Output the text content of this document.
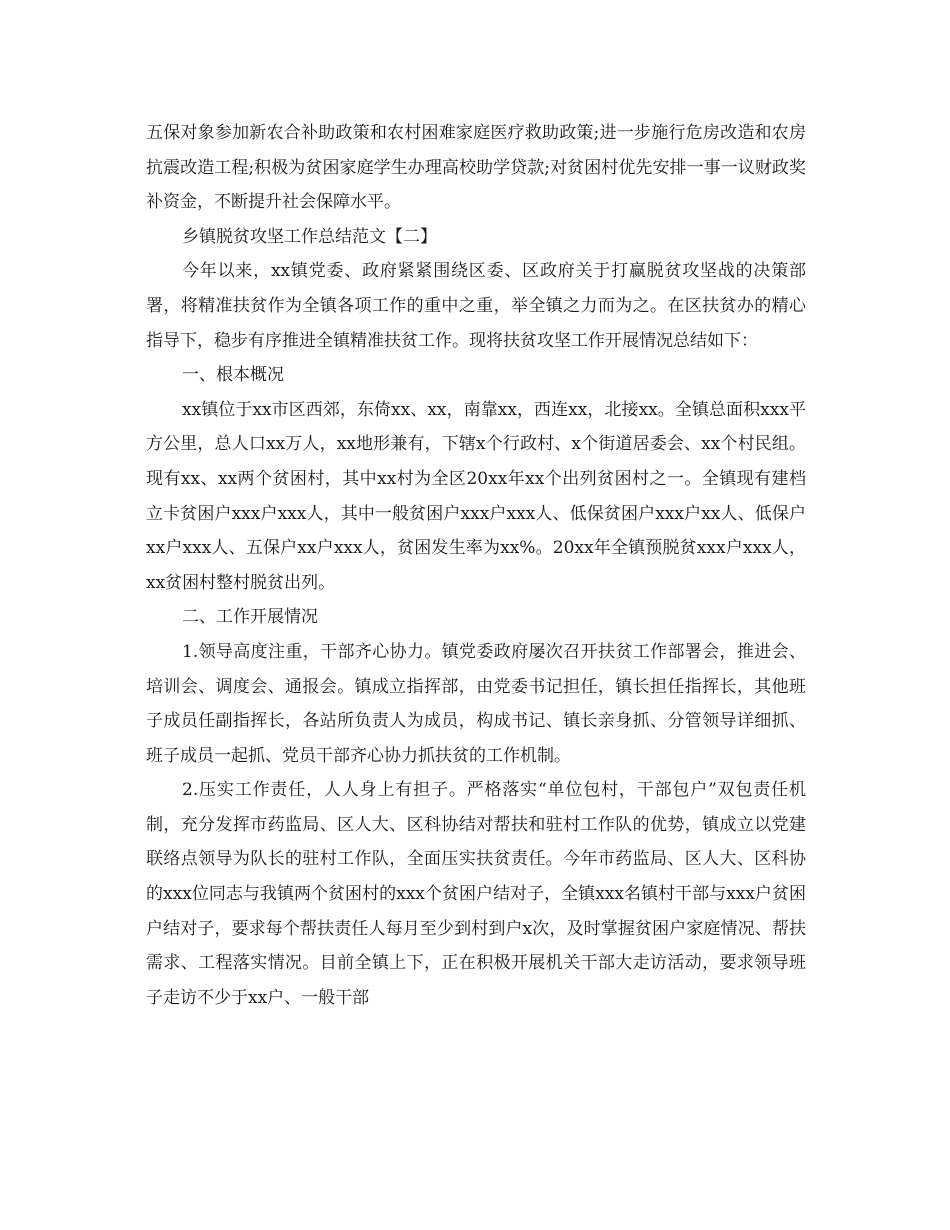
五保对象参加新农合补助政策和农村困难家庭医疗救助政策;进一步施行危房改造和农房抗震改造工程;积极为贫困家庭学生办理高校助学贷款;对贫困村优先安排一事一议财政奖补资金，不断提升社会保障水平。

乡镇脱贫攻坚工作总结范文【二】

今年以来，xx镇党委、政府紧紧围绕区委、区政府关于打赢脱贫攻坚战的决策部署，将精准扶贫作为全镇各项工作的重中之重，举全镇之力而为之。在区扶贫办的精心指导下，稳步有序推进全镇精准扶贫工作。现将扶贫攻坚工作开展情况总结如下：

一、根本概况

xx镇位于xx市区西郊，东倚xx、xx，南靠xx，西连xx，北接xx。全镇总面积xxx平方公里，总人口xx万人，xx地形兼有，下辖x个行政村、x个街道居委会、xx个村民组。现有xx、xx两个贫困村，其中xx村为全区20xx年xx个出列贫困村之一。全镇现有建档立卡贫困户xxx户xxx人，其中一般贫困户xxx户xxx人、低保贫困户xxx户xx人、低保户xx户xxx人、五保户xx户xxx人，贫困发生率为xx%。20xx年全镇预脱贫xxx户xxx人，xx贫困村整村脱贫出列。

二、工作开展情况

1.领导高度注重，干部齐心协力。镇党委政府屡次召开扶贫工作部署会，推进会、培训会、调度会、通报会。镇成立指挥部，由党委书记担任，镇长担任指挥长，其他班子成员任副指挥长，各站所负责人为成员，构成书记、镇长亲身抓、分管领导详细抓、班子成员一起抓、党员干部齐心协力抓扶贫的工作机制。

2.压实工作责任，人人身上有担子。严格落实“单位包村，干部包户”双包责任机制，充分发挥市药监局、区人大、区科协结对帮扶和驻村工作队的优势，镇成立以党建联络点领导为队长的驻村工作队，全面压实扶贫责任。今年市药监局、区人大、区科协的xxx位同志与我镇两个贫困村的xxx个贫困户结对子，全镇xxx名镇村干部与xxx户贫困户结对子，要求每个帮扶责任人每月至少到村到户x次，及时掌握贫困户家庭情况、帮扶需求、工程落实情况。目前全镇上下，正在积极开展机关干部大走访活动，要求领导班子走访不少于xx户、一般干部
